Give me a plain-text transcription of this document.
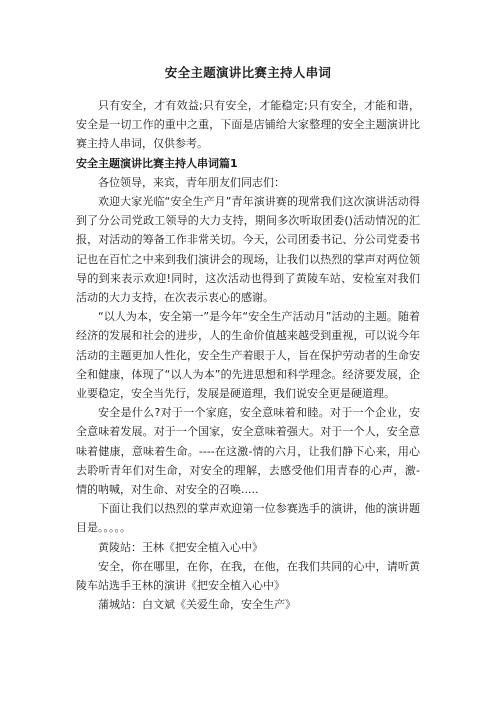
安全主题演讲比赛主持人串词

只有安全，才有效益;只有安全，才能稳定;只有安全，才能和谐，安全是一切工作的重中之重，下面是店铺给大家整理的安全主题演讲比赛主持人串词，仅供参考。

安全主题演讲比赛主持人串词篇1

各位领导，来宾，青年朋友们同志们：

欢迎大家光临“安全生产月”青年演讲赛的现常我们这次演讲活动得到了分公司党政工领导的大力支持，期间多次听取团委()活动情况的汇报，对活动的筹备工作非常关切。今天，公司团委书记、分公司党委书记也在百忙之中来到我们演讲会的现场，让我们以热烈的掌声对两位领导的到来表示欢迎!同时，这次活动也得到了黄陵车站、安检室对我们活动的大力支持，在次表示衷心的感谢。

“以人为本，安全第一”是今年“安全生产活动月”活动的主题。随着经济的发展和社会的进步，人的生命价值越来越受到重视，可以说今年活动的主题更加人性化，安全生产着眼于人，旨在保护劳动者的生命安全和健康，体现了“以人为本”的先进思想和科学理念。经济要发展，企业要稳定，安全当先行，发展是硬道理，我们说安全更是硬道理。

安全是什么?对于一个家庭，安全意味着和睦。对于一个企业，安全意味着发展。对于一个国家，安全意味着强大。对于一个人，安全意味着健康，意味着生命。----在这激-情的六月，让我们静下心来，用心去聆听青年们对生命，对安全的理解，去感受他们用青春的心声，激-情的呐喊，对生命、对安全的召唤.....

下面让我们以热烈的掌声欢迎第一位参赛选手的演讲，他的演讲题目是。。。。。

黄陵站：王林《把安全植入心中》

安全，你在哪里，在你，在我，在他，在我们共同的心中，请听黄陵车站选手王林的演讲《把安全植入心中》

蒲城站：白文斌《关爱生命，安全生产》
